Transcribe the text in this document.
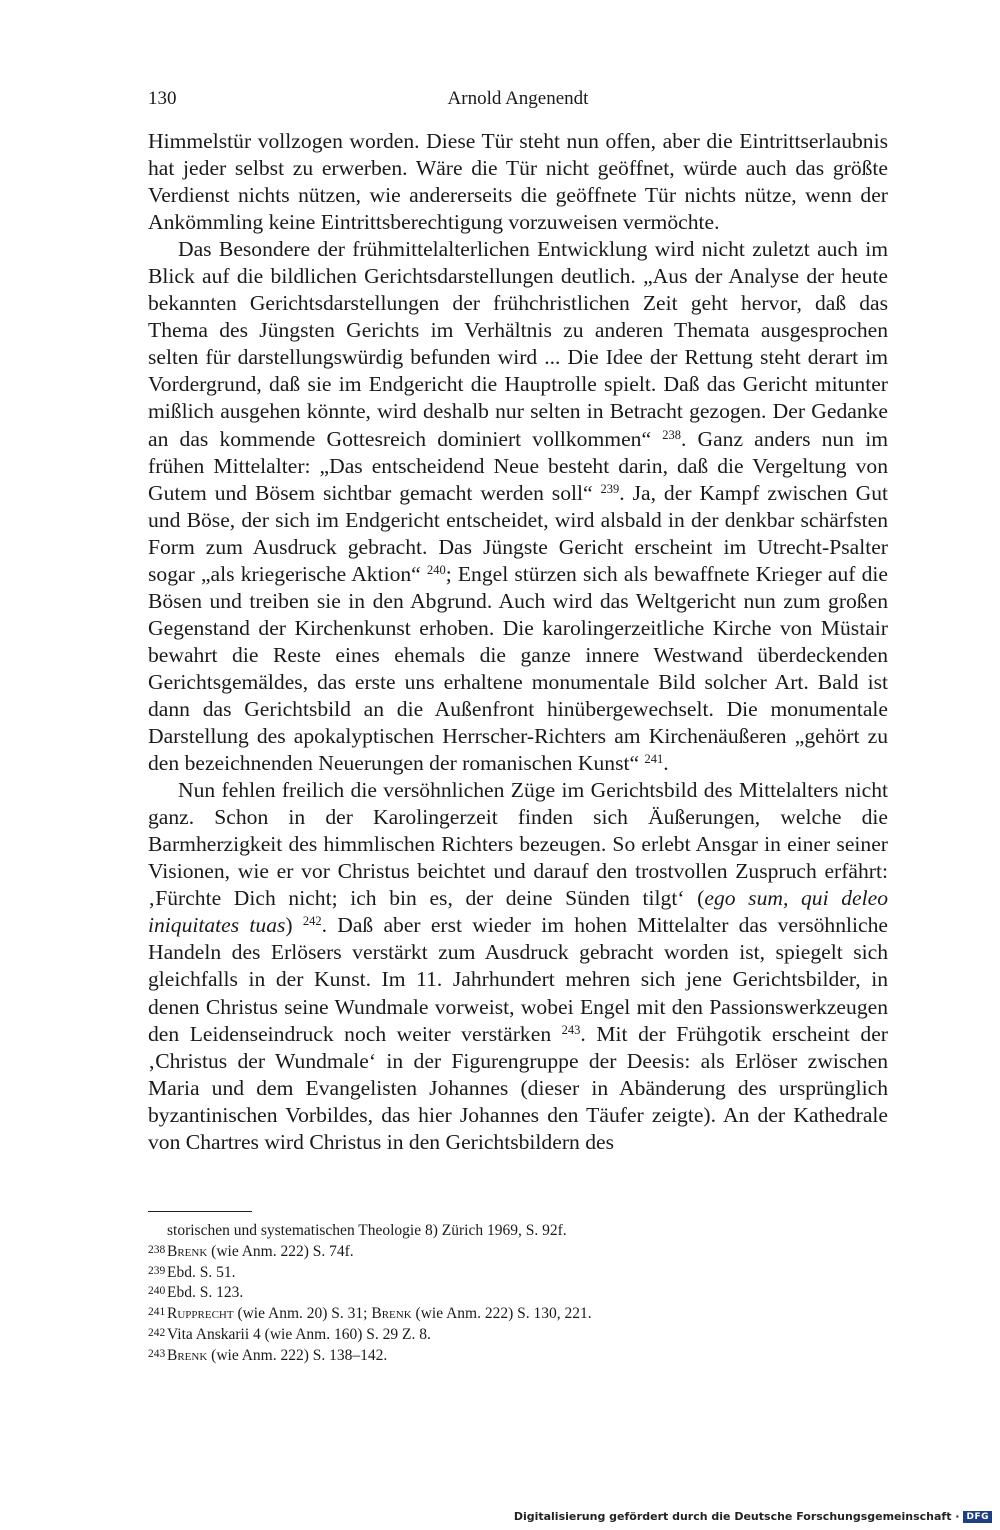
130	Arnold Angenendt

Himmelstür vollzogen worden. Diese Tür steht nun offen, aber die Eintrittserlaubnis hat jeder selbst zu erwerben. Wäre die Tür nicht geöffnet, würde auch das größte Verdienst nichts nützen, wie andererseits die geöffnete Tür nichts nütze, wenn der Ankömmling keine Eintrittsberechtigung vorzuweisen vermöchte.

Das Besondere der frühmittelalterlichen Entwicklung wird nicht zuletzt auch im Blick auf die bildlichen Gerichtsdarstellungen deutlich. „Aus der Analyse der heute bekannten Gerichtsdarstellungen der frühchristlichen Zeit geht hervor, daß das Thema des Jüngsten Gerichts im Verhältnis zu anderen Themata ausgesprochen selten für darstellungswürdig befunden wird ... Die Idee der Rettung steht derart im Vordergrund, daß sie im Endgericht die Hauptrolle spielt. Daß das Gericht mitunter mißlich ausgehen könnte, wird deshalb nur selten in Betracht gezogen. Der Gedanke an das kommende Gottesreich dominiert vollkommen“ $^{238}$. Ganz anders nun im frühen Mittelalter: „Das entscheidend Neue besteht darin, daß die Vergeltung von Gutem und Bösem sichtbar gemacht werden soll“ $^{239}$. Ja, der Kampf zwischen Gut und Böse, der sich im Endgericht entscheidet, wird alsbald in der denkbar schärfsten Form zum Ausdruck gebracht. Das Jüngste Gericht erscheint im Utrecht-Psalter sogar „als kriegerische Aktion“ $^{240}$; Engel stürzen sich als bewaffnete Krieger auf die Bösen und treiben sie in den Abgrund. Auch wird das Weltgericht nun zum großen Gegenstand der Kirchenkunst erhoben. Die karolingerzeitliche Kirche von Müstair bewahrt die Reste eines ehemals die ganze innere Westwand überdeckenden Gerichtsgemäldes, das erste uns erhaltene monumentale Bild solcher Art. Bald ist dann das Gerichtsbild an die Außenfront hinübergewechselt. Die monumentale Darstellung des apokalyptischen Herrscher-Richters am Kirchenäußeren „gehört zu den bezeichnenden Neuerungen der romanischen Kunst“ $^{241}$.

Nun fehlen freilich die versöhnlichen Züge im Gerichtsbild des Mittelalters nicht ganz. Schon in der Karolingerzeit finden sich Äußerungen, welche die Barmherzigkeit des himmlischen Richters bezeugen. So erlebt Ansgar in einer seiner Visionen, wie er vor Christus beichtet und darauf den trostvollen Zuspruch erfährt: ‚Fürchte Dich nicht; ich bin es, der deine Sünden tilgt‘ (ego sum, qui deleo iniquitates tuas) $^{242}$. Daß aber erst wieder im hohen Mittelalter das versöhnliche Handeln des Erlösers verstärkt zum Ausdruck gebracht worden ist, spiegelt sich gleichfalls in der Kunst. Im 11. Jahrhundert mehren sich jene Gerichtsbilder, in denen Christus seine Wundmale vorweist, wobei Engel mit den Passionswerkzeugen den Leidenseindruck noch weiter verstärken $^{243}$. Mit der Frühgotik erscheint der ‚Christus der Wundmale‘ in der Figurengruppe der Deesis: als Erlöser zwischen Maria und dem Evangelisten Johannes (dieser in Abänderung des ursprünglich byzantinischen Vorbildes, das hier Johannes den Täufer zeigte). An der Kathedrale von Chartres wird Christus in den Gerichtsbildern des

storischen und systematischen Theologie 8) Zürich 1969, S. 92f.
238 Brenk (wie Anm. 222) S. 74f.
239 Ebd. S. 51.
240 Ebd. S. 123.
241 Rupprecht (wie Anm. 20) S. 31; Brenk (wie Anm. 222) S. 130, 221.
242 Vita Anskarii 4 (wie Anm. 160) S. 29 Z. 8.
243 Brenk (wie Anm. 222) S. 138–142.
Digitalisierung gefördert durch die Deutsche Forschungsgemeinschaft · DFG
